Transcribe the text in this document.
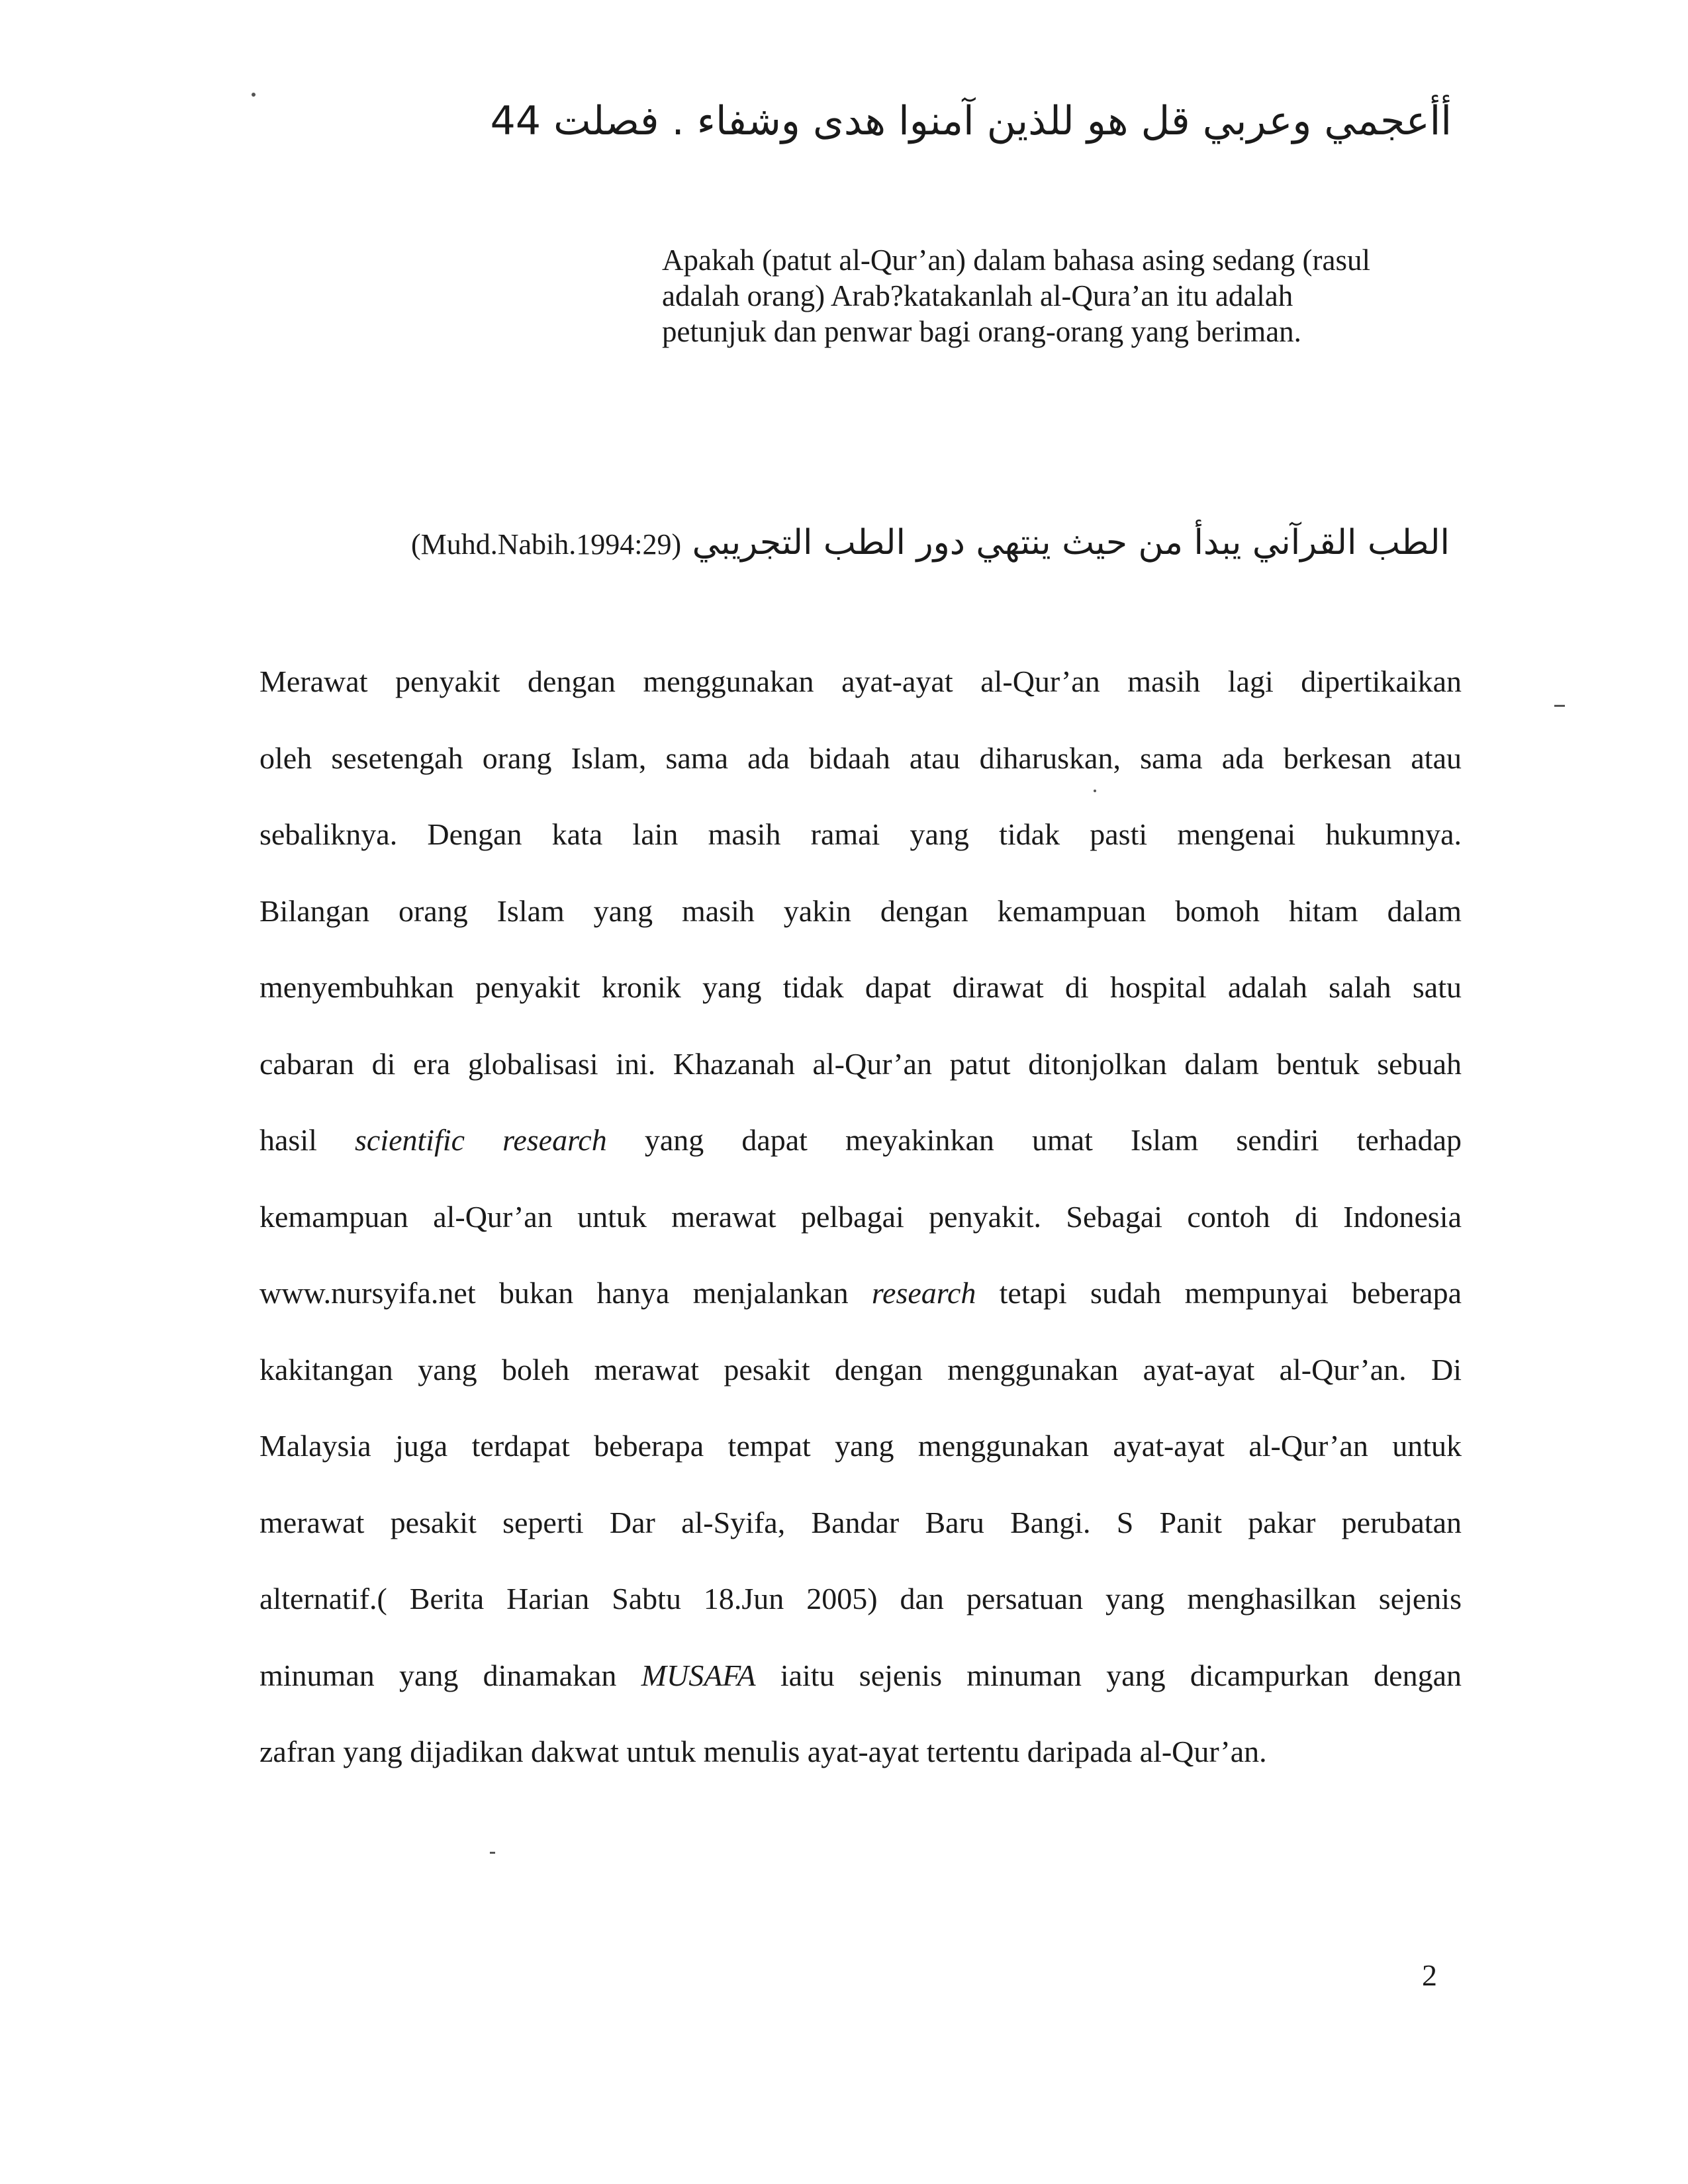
أأعجمي وعربي قل هو للذين آمنوا هدى وشفاء . فصلت 44
Apakah (patut al-Qur’an) dalam bahasa asing sedang (rasul
adalah orang) Arab?katakanlah al-Qura’an itu adalah
petunjuk dan penwar bagi orang-orang yang beriman.
الطب القرآني يبدأ من حيث ينتهي دور الطب التجريبي (Muhd.Nabih.1994:29)
Merawat penyakit dengan menggunakan ayat-ayat al-Qur’an masih lagi dipertikaikan
oleh sesetengah orang Islam, sama ada bidaah atau diharuskan, sama ada berkesan atau
sebaliknya. Dengan kata lain masih ramai yang tidak pasti mengenai hukumnya.
Bilangan orang Islam yang masih yakin dengan kemampuan bomoh hitam dalam
menyembuhkan penyakit kronik yang tidak dapat dirawat di hospital adalah salah satu
cabaran di era globalisasi ini. Khazanah al-Qur’an patut ditonjolkan dalam bentuk sebuah
hasil scientific research yang dapat meyakinkan umat Islam sendiri terhadap
kemampuan al-Qur’an untuk merawat pelbagai penyakit. Sebagai contoh di Indonesia
www.nursyifa.net bukan hanya menjalankan research tetapi sudah mempunyai beberapa
kakitangan yang boleh merawat pesakit dengan menggunakan ayat-ayat al-Qur’an. Di
Malaysia juga terdapat beberapa tempat yang menggunakan ayat-ayat al-Qur’an untuk
merawat pesakit seperti Dar al-Syifa, Bandar Baru Bangi. S Panit pakar perubatan
alternatif.( Berita Harian Sabtu 18.Jun 2005) dan persatuan yang menghasilkan sejenis
minuman yang dinamakan MUSAFA iaitu sejenis minuman yang dicampurkan dengan
zafran yang dijadikan dakwat untuk menulis ayat-ayat tertentu daripada al-Qur’an.
2
